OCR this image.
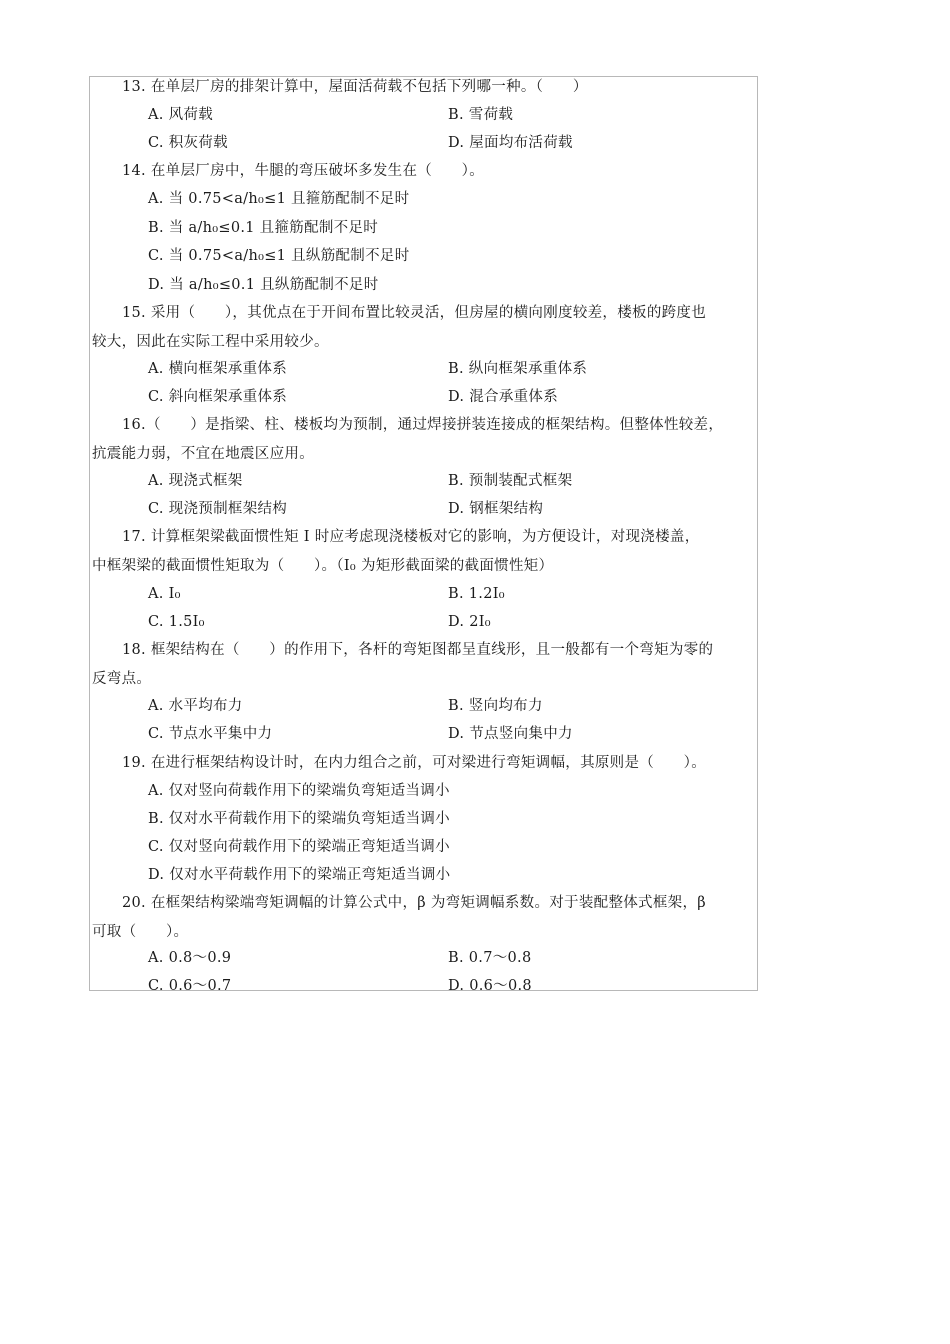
13. 在单层厂房的排架计算中，屋面活荷载不包括下列哪一种。（　　）
A. 风荷载	B. 雪荷载
C. 积灰荷载	D. 屋面均布活荷载
14. 在单层厂房中，牛腿的弯压破坏多发生在（　　）。
A. 当 0.75<a/h₀≤1 且箍筋配制不足时
B. 当 a/h₀≤0.1 且箍筋配制不足时
C. 当 0.75<a/h₀≤1 且纵筋配制不足时
D. 当 a/h₀≤0.1 且纵筋配制不足时
15. 采用（　　），其优点在于开间布置比较灵活，但房屋的横向刚度较差，楼板的跨度也
较大，因此在实际工程中采用较少。
A. 横向框架承重体系	B. 纵向框架承重体系
C. 斜向框架承重体系	D. 混合承重体系
16.（　　）是指梁、柱、楼板均为预制，通过焊接拼装连接成的框架结构。但整体性较差，
抗震能力弱，不宜在地震区应用。
A. 现浇式框架	B. 预制装配式框架
C. 现浇预制框架结构	D. 钢框架结构
17. 计算框架梁截面惯性矩 I 时应考虑现浇楼板对它的影响，为方便设计，对现浇楼盖，
中框架梁的截面惯性矩取为（　　）。（I₀ 为矩形截面梁的截面惯性矩）
A. I₀	B. 1.2I₀
C. 1.5I₀	D. 2I₀
18. 框架结构在（　　）的作用下，各杆的弯矩图都呈直线形，且一般都有一个弯矩为零的
反弯点。
A. 水平均布力	B. 竖向均布力
C. 节点水平集中力	D. 节点竖向集中力
19. 在进行框架结构设计时，在内力组合之前，可对梁进行弯矩调幅，其原则是（　　）。
A. 仅对竖向荷载作用下的梁端负弯矩适当调小
B. 仅对水平荷载作用下的梁端负弯矩适当调小
C. 仅对竖向荷载作用下的梁端正弯矩适当调小
D. 仅对水平荷载作用下的梁端正弯矩适当调小
20. 在框架结构梁端弯矩调幅的计算公式中，β 为弯矩调幅系数。对于装配整体式框架，β
可取（　　）。
A. 0.8～0.9	B. 0.7～0.8
C. 0.6～0.7	D. 0.6～0.8
